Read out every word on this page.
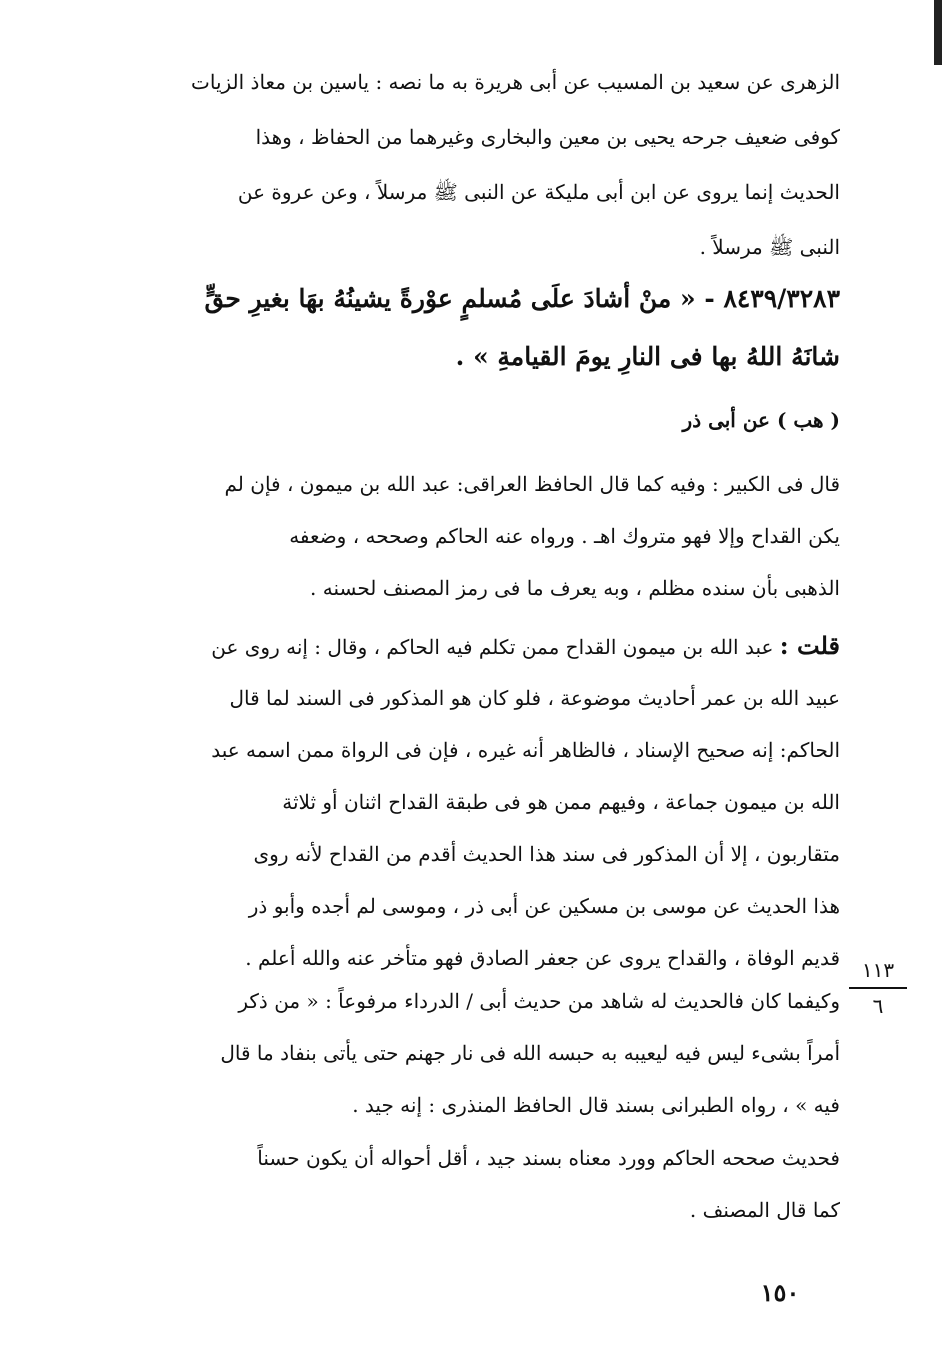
الزهرى عن سعيد بن المسيب عن أبى هريرة به ما نصه : ياسين بن معاذ الزيات
كوفى ضعيف جرحه يحيى بن معين والبخارى وغيرهما من الحفاظ ، وهذا
الحديث إنما يروى عن ابن أبى مليكة عن النبى ﷺ مرسلاً ، وعن عروة عن
النبى ﷺ مرسلاً .
٨٤٣٩/٣٢٨٣ - « منْ أشادَ علَى مُسلمٍ عوْرةً يشينُهُ بهَا بغيرِ حقٍّ
شانَهُ اللهُ بها فى النارِ يومَ القيامةِ » .
( هب ) عن أبى ذر
قال فى الكبير : وفيه كما قال الحافظ العراقى: عبد الله بن ميمون ، فإن لم
يكن القداح وإلا فهو متروك اهـ . ورواه عنه الحاكم وصححه ، وضعفه
الذهبى بأن سنده مظلم ، وبه يعرف ما فى رمز المصنف لحسنه .
قلت : عبد الله بن ميمون القداح ممن تكلم فيه الحاكم ، وقال : إنه روى عن
عبيد الله بن عمر أحاديث موضوعة ، فلو كان هو المذكور فى السند لما قال
الحاكم: إنه صحيح الإسناد ، فالظاهر أنه غيره ، فإن فى الرواة ممن اسمه عبد
الله بن ميمون جماعة ، وفيهم ممن هو فى طبقة القداح اثنان أو ثلاثة
متقاربون ، إلا أن المذكور فى سند هذا الحديث أقدم من القداح لأنه روى
هذا الحديث عن موسى بن مسكين عن أبى ذر ، وموسى لم أجده وأبو ذر
قديم الوفاة ، والقداح يروى عن جعفر الصادق فهو متأخر عنه والله أعلم .	١١٣
٦
وكيفما كان فالحديث له شاهد من حديث أبى / الدرداء مرفوعاً : « من ذكر
أمراً بشىء ليس فيه ليعيبه به حبسه الله فى نار جهنم حتى يأتى بنفاد ما قال
فيه » ، رواه الطبرانى بسند قال الحافظ المنذرى : إنه جيد .
فحديث صححه الحاكم وورد معناه بسند جيد ، أقل أحواله أن يكون حسناً
كما قال المصنف .
١٥٠
